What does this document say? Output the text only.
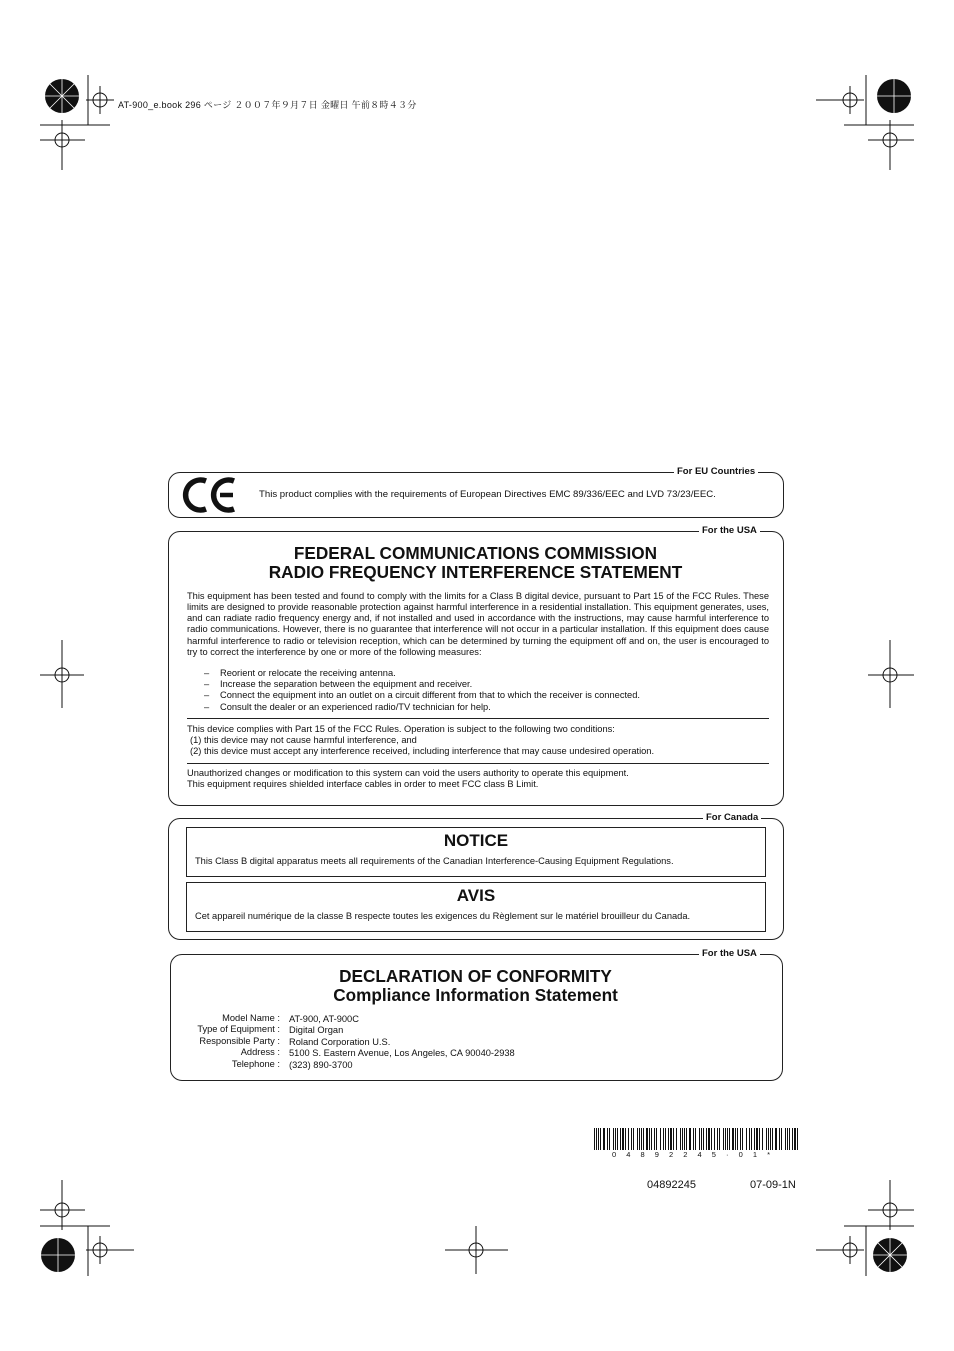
AT-900_e.book 296 ページ ２００７年９月７日 金曜日 午前８時４３分
For EU Countries
This product complies with the requirements of European Directives EMC 89/336/EEC and LVD 73/23/EEC.
For the USA
FEDERAL COMMUNICATIONS COMMISSION
RADIO FREQUENCY INTERFERENCE STATEMENT
This equipment has been tested and found to comply with the limits for a Class B digital device, pursuant to Part 15 of the FCC Rules. These limits are designed to provide reasonable protection against harmful interference in a residential installation. This equipment generates, uses, and can radiate radio frequency energy and, if not installed and used in accordance with the instructions, may cause harmful interference to radio communications. However, there is no guarantee that interference will not occur in a particular installation. If this equipment does cause harmful interference to radio or television reception, which can be determined by turning the equipment off and on, the user is encouraged to try to correct the interference by one or more of the following measures:
– Reorient or relocate the receiving antenna.
– Increase the separation between the equipment and receiver.
– Connect the equipment into an outlet on a circuit different from that to which the receiver is connected.
– Consult the dealer or an experienced radio/TV technician for help.
This device complies with Part 15 of the FCC Rules. Operation is subject to the following two conditions:
(1) this device may not cause harmful interference, and
(2) this device must accept any interference received, including interference that may cause undesired operation.
Unauthorized changes or modification to this system can void the users authority to operate this equipment.
This equipment requires shielded interface cables in order to meet FCC class B Limit.
For Canada
NOTICE
This Class B digital apparatus meets all requirements of the Canadian Interference-Causing Equipment Regulations.
AVIS
Cet appareil numérique de la classe B respecte toutes les exigences du Règlement sur le matériel brouilleur du Canada.
For the USA
DECLARATION OF CONFORMITY
Compliance Information Statement
Model Name :
Type of Equipment :
Responsible Party :
Address :
Telephone :
AT-900, AT-900C
Digital Organ
Roland Corporation U.S.
5100 S. Eastern Avenue, Los Angeles, CA 90040-2938
(323) 890-3700
0 4 8 9 2 2 4 5 · 0 1 *
04892245	07-09-1N
